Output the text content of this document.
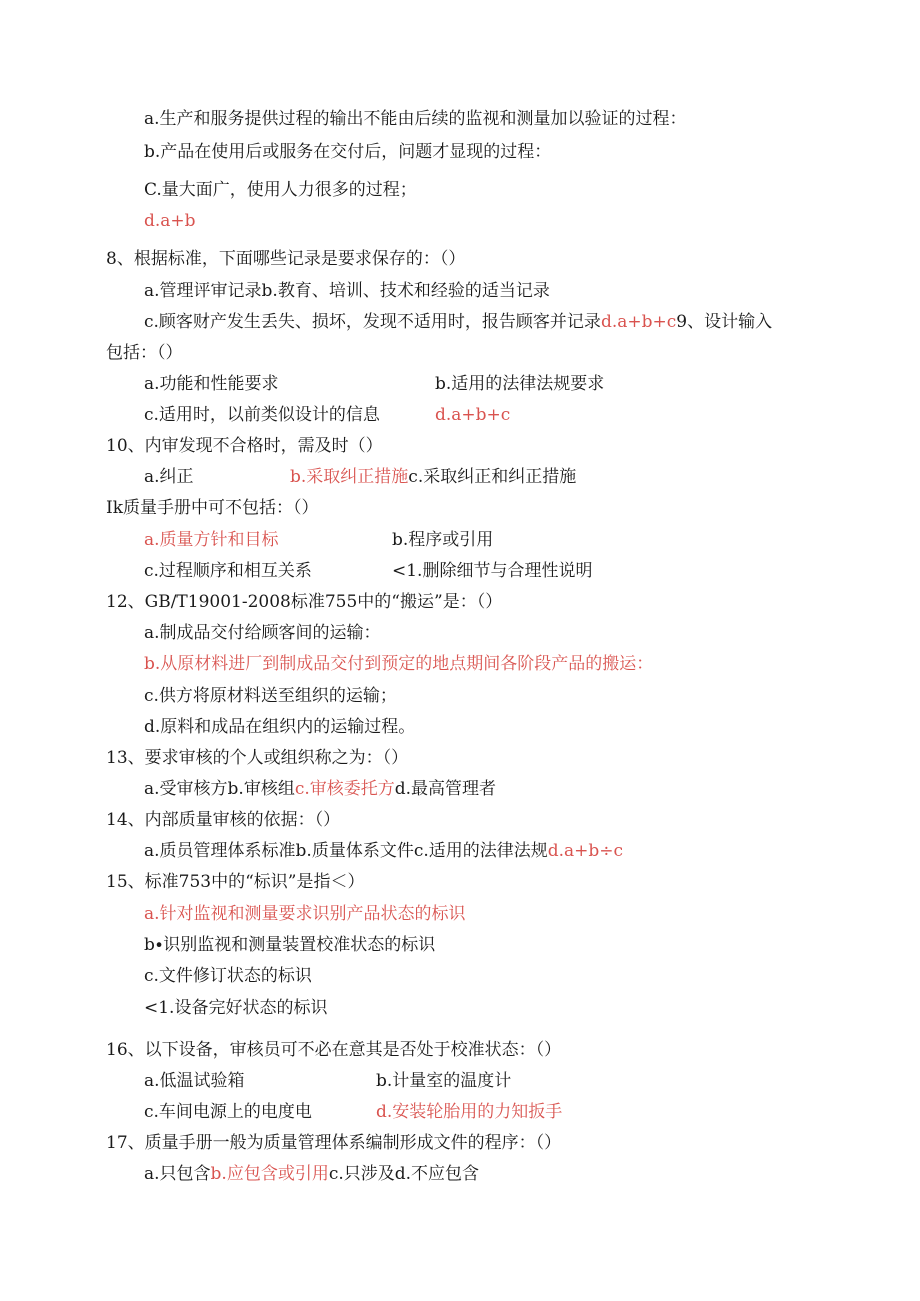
a.生产和服务提供过程的输出不能由后续的监视和测量加以验证的过程：
b.产品在使用后或服务在交付后，问题才显现的过程：
C.量大面广，使用人力很多的过程；
d.a+b
8、根据标准，下面哪些记录是要求保存的：（）
a.管理评审记录b.教育、培训、技术和经验的适当记录
c.顾客财产发生丢失、损坏，发现不适用时，报告顾客并记录d.a+b+c9、设计输入
包括：（）
a.功能和性能要求	b.适用的法律法规要求
c.适用时，以前类似设计的信息	d.a+b+c
10、内审发现不合格时，需及时（）
a.纠正	b.采取纠正措施c.采取纠正和纠正措施
Ik质量手册中可不包括：（）
a.质量方针和目标	b.程序或引用
c.过程顺序和相互关系	<1.删除细节与合理性说明
12、GB/T19001-2008标准755中的“搬运”是：（）
a.制成品交付给顾客间的运输：
b.从原材料进厂到制成品交付到预定的地点期间各阶段产品的搬运：
c.供方将原材料送至组织的运输；
d.原料和成品在组织内的运输过程。
13、要求审核的个人或组织称之为：（）
a.受审核方b.审核组c.审核委托方d.最高管理者
14、内部质量审核的依据：（）
a.质员管理体系标准b.质量体系文件c.适用的法律法规d.a+b÷c
15、标准753中的“标识”是指＜）
a.针对监视和测量要求识别产品状态的标识
b∙识别监视和测量装置校准状态的标识
c.文件修订状态的标识
<1.设备完好状态的标识
16、以下设备，审核员可不必在意其是否处于校准状态：（）
a.低温试验箱	b.计量室的温度计
c.车间电源上的电度电	d.安装轮胎用的力知扳手
17、质量手册一般为质量管理体系编制形成文件的程序：（）
a.只包含b.应包含或引用c.只涉及d.不应包含
